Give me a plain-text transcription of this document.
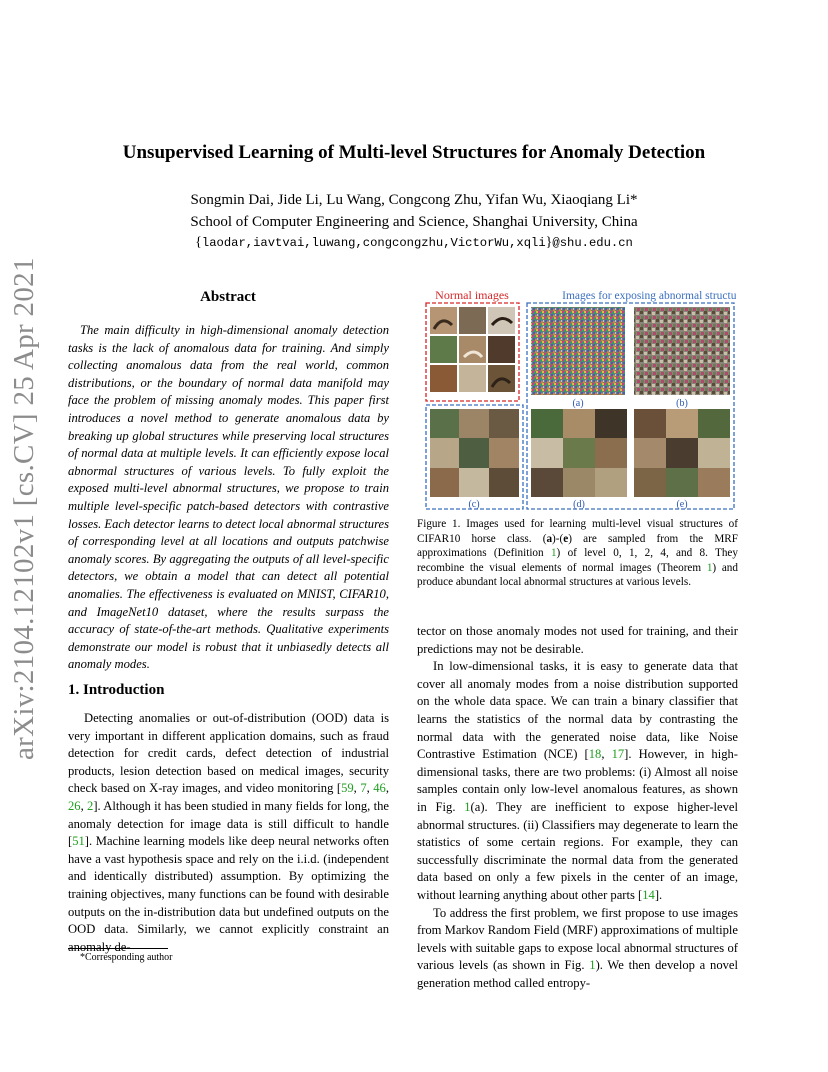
Unsupervised Learning of Multi-level Structures for Anomaly Detection
Songmin Dai, Jide Li, Lu Wang, Congcong Zhu, Yifan Wu, Xiaoqiang Li*
School of Computer Engineering and Science, Shanghai University, China
{laodar,iavtvai,luwang,congcongzhu,VictorWu,xqli}@shu.edu.cn
arXiv:2104.12102v1 [cs.CV] 25 Apr 2021	Abstract
The main difficulty in high-dimensional anomaly detection tasks is the lack of anomalous data for training. And simply collecting anomalous data from the real world, common distributions, or the boundary of normal data manifold may face the problem of missing anomaly modes. This paper first introduces a novel method to generate anomalous data by breaking up global structures while preserving local structures of normal data at multiple levels. It can efficiently expose local abnormal structures of various levels. To fully exploit the exposed multi-level abnormal structures, we propose to train multiple level-specific patch-based detectors with contrastive losses. Each detector learns to detect local abnormal structures of corresponding level at all locations and outputs patchwise anomaly scores. By aggregating the outputs of all level-specific detectors, we obtain a model that can detect all potential anomalies. The effectiveness is evaluated on MNIST, CIFAR10, and ImageNet10 dataset, where the results surpass the accuracy of state-of-the-art methods. Qualitative experiments demonstrate our model is robust that it unbiasedly detects all anomaly modes.
1. Introduction
Detecting anomalies or out-of-distribution (OOD) data is very important in different application domains, such as fraud detection for credit cards, defect detection of industrial products, lesion detection based on medical images, security check based on X-ray images, and video monitoring [59, 7, 46, 26, 2]. Although it has been studied in many fields for long, the anomaly detection for image data is still difficult to handle [51]. Machine learning models like deep neural networks often have a vast hypothesis space and rely on the i.i.d. (independent and identically distributed) assumption. By optimizing the training objectives, many functions can be found with desirable outputs on the in-distribution data but undefined outputs on the OOD data. Similarly, we cannot explicitly constraint an anomaly de-
*Corresponding author
Normal images	Images for exposing abnormal structures
(a)	(b)
(c)	(d)	(e)
Figure 1. Images used for learning multi-level visual structures of CIFAR10 horse class. (a)-(e) are sampled from the MRF approximations (Definition 1) of level 0, 1, 2, 4, and 8. They recombine the visual elements of normal images (Theorem 1) and produce abundant local abnormal structures at various levels.

tector on those anomaly modes not used for training, and their predictions may not be desirable.

In low-dimensional tasks, it is easy to generate data that cover all anomaly modes from a noise distribution supported on the whole data space. We can train a binary classifier that learns the statistics of the normal data by contrasting the normal data with the generated noise data, like Noise Contrastive Estimation (NCE) [18, 17]. However, in high-dimensional tasks, there are two problems: (i) Almost all noise samples contain only low-level anomalous features, as shown in Fig. 1(a). They are inefficient to expose higher-level abnormal structures. (ii) Classifiers may degenerate to learn the statistics of some certain regions. For example, they can successfully discriminate the normal data from the generated data based on only a few pixels in the center of an image, without learning anything about other parts [14].

To address the first problem, we first propose to use images from Markov Random Field (MRF) approximations of multiple levels with suitable gaps to expose local abnormal structures of various levels (as shown in Fig. 1). We then develop a novel generation method called entropy-
